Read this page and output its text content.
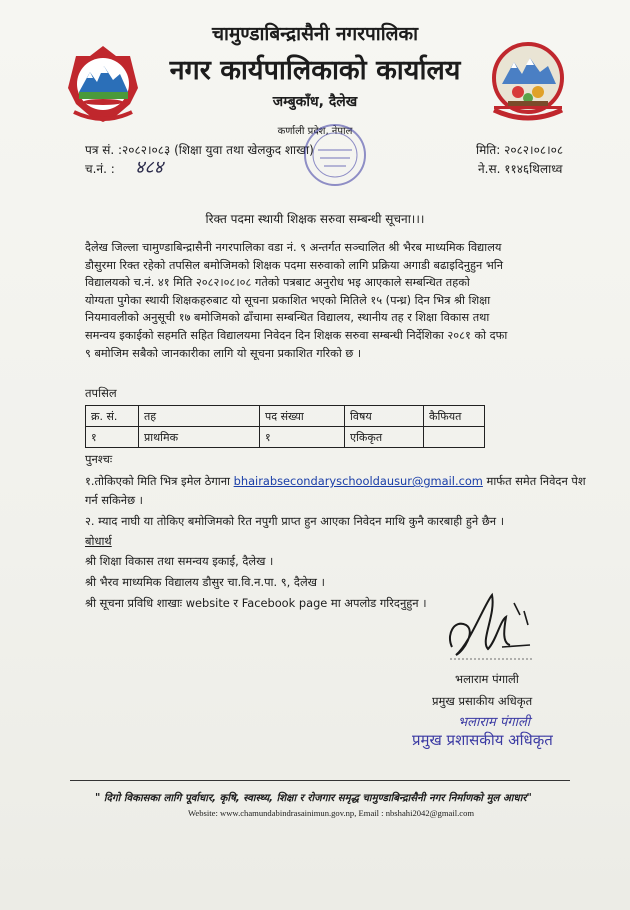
चामुण्डाबिन्द्रासैनी नगरपालिका
नगर कार्यपालिकाको कार्यालय
जम्बुकाँध, दैलेख
कर्णाली प्रदेश, नेपाल
पत्र सं. :२०८२।०८३ (शिक्षा युवा तथा खेलकुद शाखा)
च.नं. : ४८४
मिति: २०८२।०८।०८
ने.स. ११४६थिलाध्व
रिक्त पदमा स्थायी शिक्षक सरुवा सम्बन्धी सूचना।।।
दैलेख जिल्ला चामुण्डाबिन्द्रासैनी नगरपालिका वडा नं. ९ अन्तर्गत सञ्चालित श्री भैरब माध्यमिक विद्यालय
डौसुरमा रिक्त रहेको तपसिल बमोजिमको शिक्षक पदमा सरुवाको लागि प्रक्रिया अगाडी बढाइदिनुहुन भनि
विद्यालयको च.नं. ४१ मिति २०८२।०८।०८ गतेको पत्रबाट अनुरोध भइ आएकाले सम्बन्धित तहको
योग्यता पुगेका स्थायी शिक्षकहरुबाट यो सूचना प्रकाशित भएको मितिले १५ (पन्ध्र) दिन भित्र श्री शिक्षा
नियमावलीको अनुसूची १७ बमोजिमको ढाँचामा सम्बन्धित विद्यालय, स्थानीय तह र शिक्षा विकास तथा
समन्वय इकाईको सहमति सहित विद्यालयमा निवेदन दिन शिक्षक सरुवा सम्बन्धी निर्देशिका २०८१ को दफा
९ बमोजिम सबैको जानकारीका लागि यो सूचना प्रकाशित गरिको छ ।
तपसिल
क्र. सं.	तह	पद संख्या	विषय	कैफियत
१	प्राथमिक	१	एकिकृत	
पुनश्चः
१.तोकिएको मिति भित्र इमेल ठेगाना bhairabsecondaryschooldausur@gmail.com मार्फत समेत निवेदन पेश
गर्न सकिनेछ ।
२. म्याद नाघी या तोकिए बमोजिमको रित नपुगी प्राप्त हुन आएका निवेदन माथि कुनै कारबाही हुने छैन ।
बोधार्थ
श्री शिक्षा विकास तथा समन्वय इकाई, दैलेख ।
श्री भैरव माध्यमिक विद्यालय डौसुर चा.वि.न.पा. ९, दैलेख ।
श्री सूचना प्रविधि शाखाः website र Facebook page मा अपलोड गरिदनुहुन ।
भलाराम पंगाली
प्रमुख प्रसाकीय अधिकृत
भलाराम पंगाली
प्रमुख प्रशासकीय अधिकृत
" दिगो विकासका लागि पूर्वाधार, कृषि, स्वास्थ्य, शिक्षा र रोजगार समृद्ध चामुण्डाबिन्द्रासैनी नगर निर्माणको मुल आधार"
Website: www.chamundabindrasainimun.gov.np, Email : nbshahi2042@gmail.com
